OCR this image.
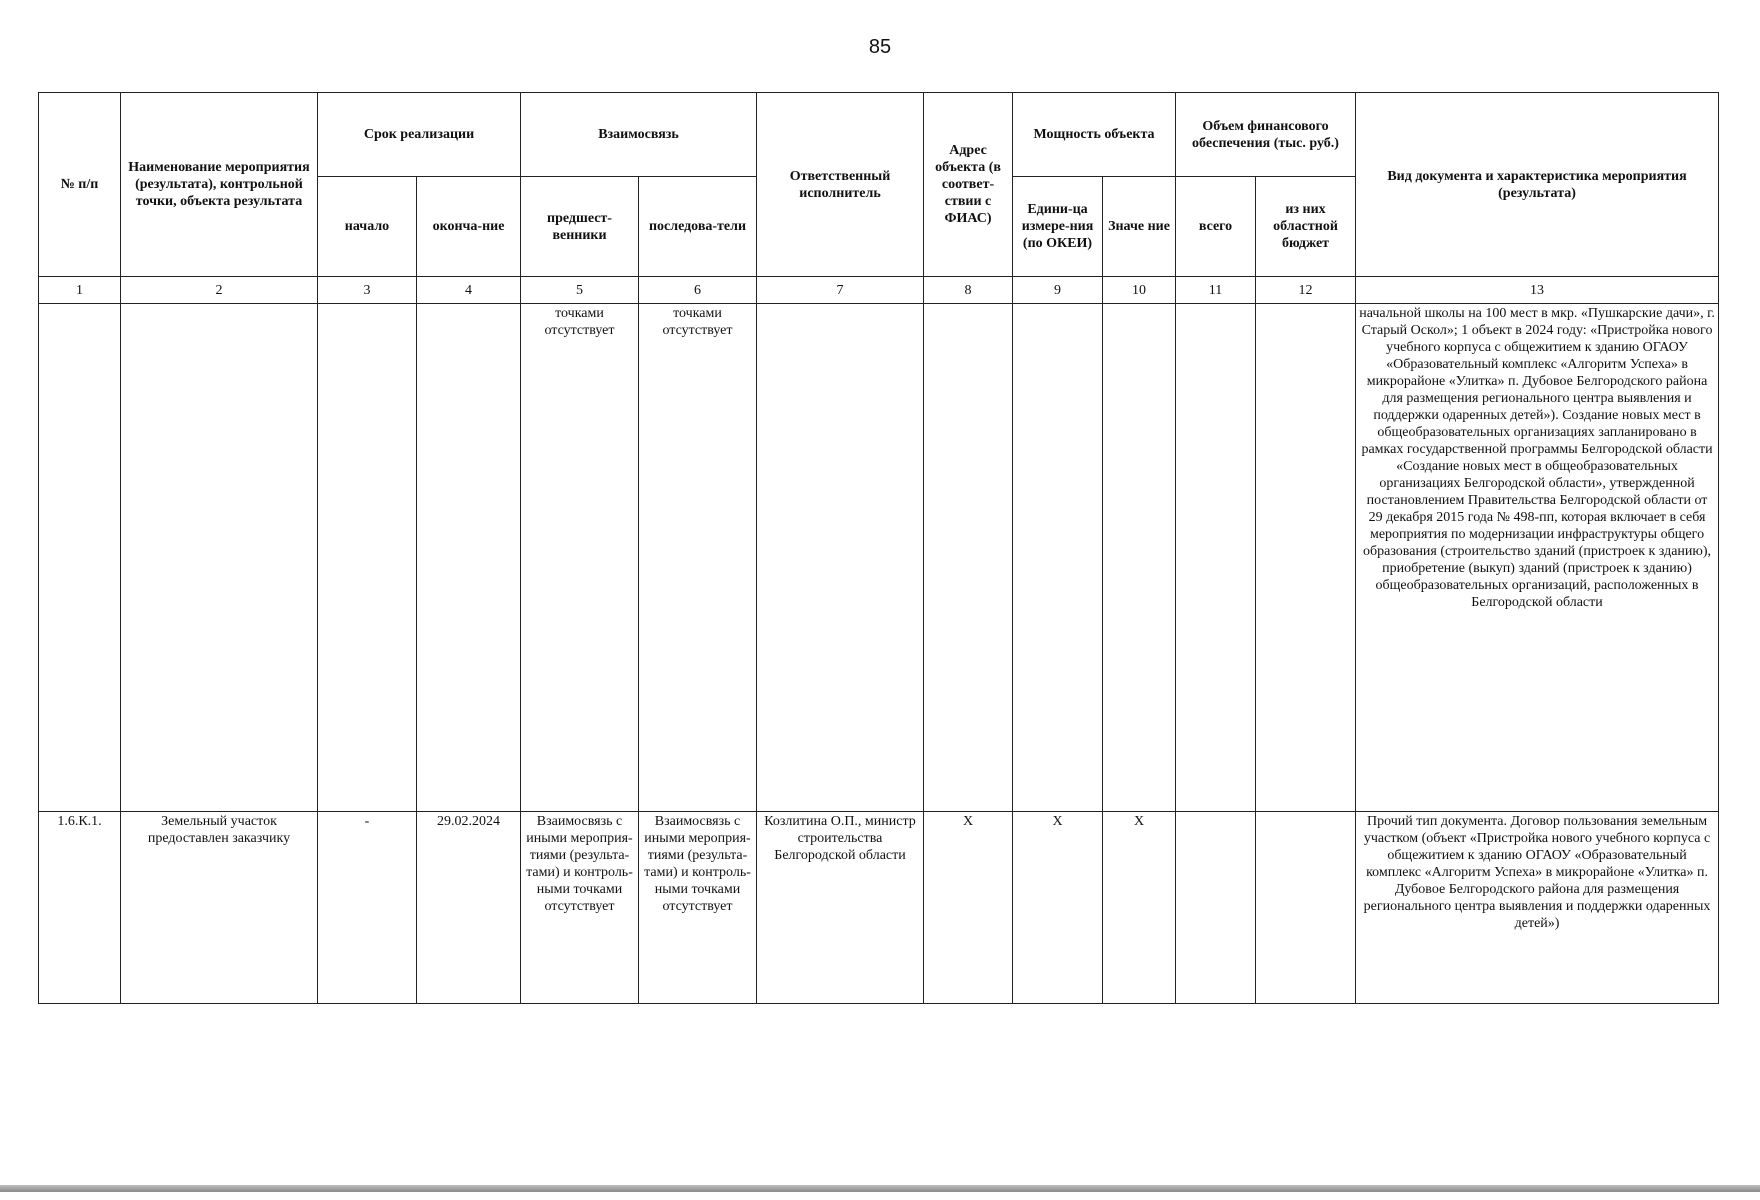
85
№ п/п	Наименование мероприятия (результата), контрольной точки, объекта результата	Срок реализации		Взаимосвязь		Ответственный исполнитель	Адрес объекта (в соответ-ствии с ФИАС)	Мощность объекта		Объем финансового обеспечения (тыс. руб.)		Вид документа и характеристика мероприятия (результата)
		начало	оконча-ние	предшест-венники	последова-тели			Едини-ца измере-ния (по ОКЕИ)	Значе ние	всего	из них областной бюджет	
1	2	3	4	5	6	7	8	9	10	11	12	13
				точками отсутствует	точками отсутствует							начальной школы на 100 мест в мкр. «Пушкарские дачи», г. Старый Оскол»; 1 объект в 2024 году: «Пристройка нового учебного корпуса с общежитием к зданию ОГАОУ «Образовательный комплекс «Алгоритм Успеха» в микрорайоне «Улитка» п. Дубовое Белгородского района для размещения регионального центра выявления и поддержки одаренных детей»). Создание новых мест в общеобразовательных организациях запланировано в рамках государственной программы Белгородской области «Создание новых мест в общеобразовательных организациях Белгородской области», утвержденной постановлением Правительства Белгородской области от 29 декабря 2015 года № 498-пп, которая включает в себя мероприятия по модернизации инфраструктуры общего образования (строительство зданий (пристроек к зданию), приобретение (выкуп) зданий (пристроек к зданию) общеобразовательных организаций, расположенных в Белгородской области
1.6.К.1.	Земельный участок предоставлен заказчику	-	29.02.2024	Взаимосвязь с иными мероприя-тиями (результа-тами) и контроль-ными точками отсутствует	Взаимосвязь с иными мероприя-тиями (результа-тами) и контроль-ными точками отсутствует	Козлитина О.П., министр строительства Белгородской области	Х	Х	Х			Прочий тип документа. Договор пользования земельным участком (объект «Пристройка нового учебного корпуса с общежитием к зданию ОГАОУ «Образовательный комплекс «Алгоритм Успеха» в микрорайоне «Улитка» п. Дубовое Белгородского района для размещения регионального центра выявления и поддержки одаренных детей»)
